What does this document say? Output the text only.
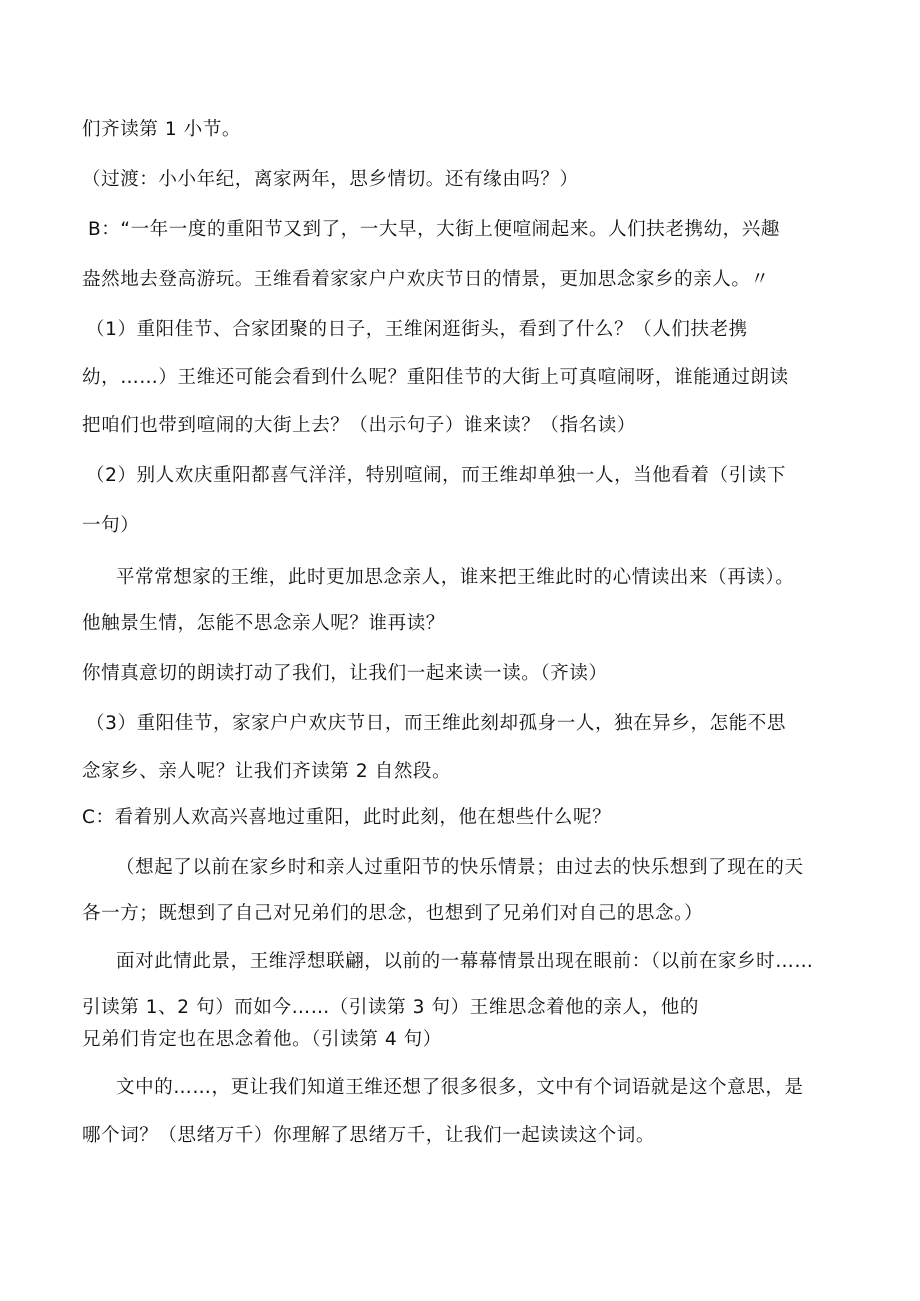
们齐读第 1 小节。
（过渡：小小年纪，离家两年，思乡情切。还有缘由吗？）
B：“一年一度的重阳节又到了，一大早，大街上便喧闹起来。人们扶老携幼，兴趣
盎然地去登高游玩。王维看着家家户户欢庆节日的情景，更加思念家乡的亲人。〃
（1）重阳佳节、合家团聚的日子，王维闲逛街头，看到了什么？（人们扶老携
幼，……）王维还可能会看到什么呢？重阳佳节的大街上可真喧闹呀，谁能通过朗读
把咱们也带到喧闹的大街上去？（出示句子）谁来读？（指名读）
（2）别人欢庆重阳都喜气洋洋，特别喧闹，而王维却单独一人，当他看着（引读下
一句）
平常常想家的王维，此时更加思念亲人，谁来把王维此时的心情读出来（再读）。
他触景生情，怎能不思念亲人呢？谁再读？
你情真意切的朗读打动了我们，让我们一起来读一读。（齐读）
（3）重阳佳节，家家户户欢庆节日，而王维此刻却孤身一人，独在异乡，怎能不思
念家乡、亲人呢？让我们齐读第 2 自然段。
C：看着别人欢高兴喜地过重阳，此时此刻，他在想些什么呢？
（想起了以前在家乡时和亲人过重阳节的快乐情景；由过去的快乐想到了现在的天
各一方；既想到了自己对兄弟们的思念，也想到了兄弟们对自己的思念。）
面对此情此景，王维浮想联翩，以前的一幕幕情景出现在眼前：（以前在家乡时……
引读第 1、2 句）而如今……（引读第 3 句）王维思念着他的亲人，他的
兄弟们肯定也在思念着他。（引读第 4 句）
文中的……，更让我们知道王维还想了很多很多，文中有个词语就是这个意思，是
哪个词？（思绪万千）你理解了思绪万千，让我们一起读读这个词。
